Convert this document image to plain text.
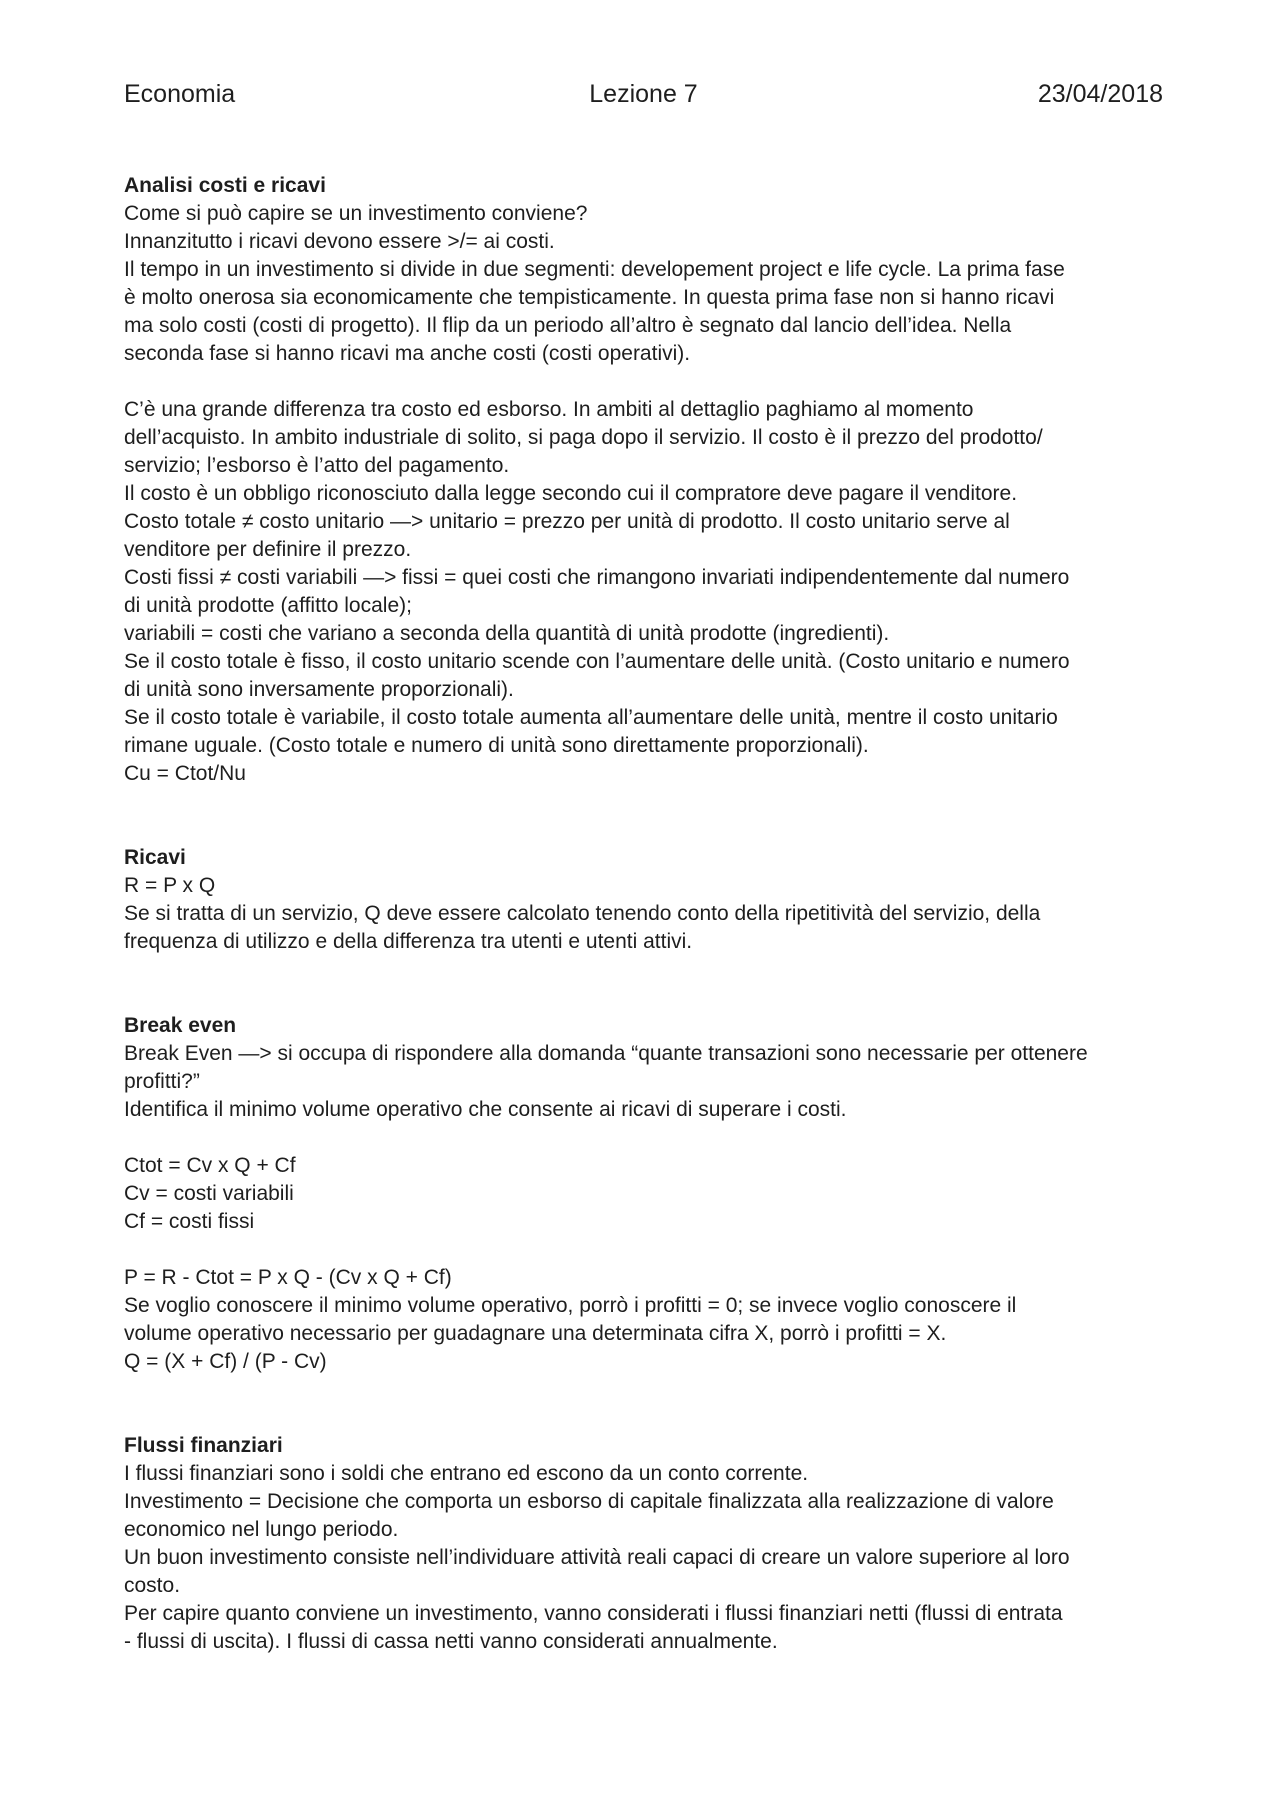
Economia	Lezione 7	23/04/2018
Analisi costi e ricavi
Come si può capire se un investimento conviene?
Innanzitutto i ricavi devono essere >/= ai costi.
Il tempo in un investimento si divide in due segmenti: developement project e life cycle. La prima fase
è molto onerosa sia economicamente che tempisticamente. In questa prima fase non si hanno ricavi
ma solo costi (costi di progetto). Il flip da un periodo all’altro è segnato dal lancio dell’idea. Nella
seconda fase si hanno ricavi ma anche costi (costi operativi).
C’è una grande differenza tra costo ed esborso. In ambiti al dettaglio paghiamo al momento
dell’acquisto. In ambito industriale di solito, si paga dopo il servizio. Il costo è il prezzo del prodotto/
servizio; l’esborso è l’atto del pagamento.
Il costo è un obbligo riconosciuto dalla legge secondo cui il compratore deve pagare il venditore.
Costo totale ≠ costo unitario —> unitario = prezzo per unità di prodotto. Il costo unitario serve al
venditore per definire il prezzo.
Costi fissi ≠ costi variabili —> fissi = quei costi che rimangono invariati indipendentemente dal numero
di unità prodotte (affitto locale);
variabili = costi che variano a seconda della quantità di unità prodotte (ingredienti).
Se il costo totale è fisso, il costo unitario scende con l’aumentare delle unità. (Costo unitario e numero
di unità sono inversamente proporzionali).
Se il costo totale è variabile, il costo totale aumenta all’aumentare delle unità, mentre il costo unitario
rimane uguale. (Costo totale e numero di unità sono direttamente proporzionali).
Cu = Ctot/Nu
Ricavi
R = P x Q
Se si tratta di un servizio, Q deve essere calcolato tenendo conto della ripetitività del servizio, della
frequenza di utilizzo e della differenza tra utenti e utenti attivi.
Break even
Break Even —> si occupa di rispondere alla domanda “quante transazioni sono necessarie per ottenere
profitti?”
Identifica il minimo volume operativo che consente ai ricavi di superare i costi.
Ctot = Cv x Q + Cf
Cv = costi variabili
Cf = costi fissi
P = R - Ctot = P x Q - (Cv x Q + Cf)
Se voglio conoscere il minimo volume operativo, porrò i profitti = 0; se invece voglio conoscere il
volume operativo necessario per guadagnare una determinata cifra X, porrò i profitti = X.
Q = (X + Cf) / (P - Cv)
Flussi finanziari
I flussi finanziari sono i soldi che entrano ed escono da un conto corrente.
Investimento = Decisione che comporta un esborso di capitale finalizzata alla realizzazione di valore
economico nel lungo periodo.
Un buon investimento consiste nell’individuare attività reali capaci di creare un valore superiore al loro
costo.
Per capire quanto conviene un investimento, vanno considerati i flussi finanziari netti (flussi di entrata
- flussi di uscita). I flussi di cassa netti vanno considerati annualmente.
